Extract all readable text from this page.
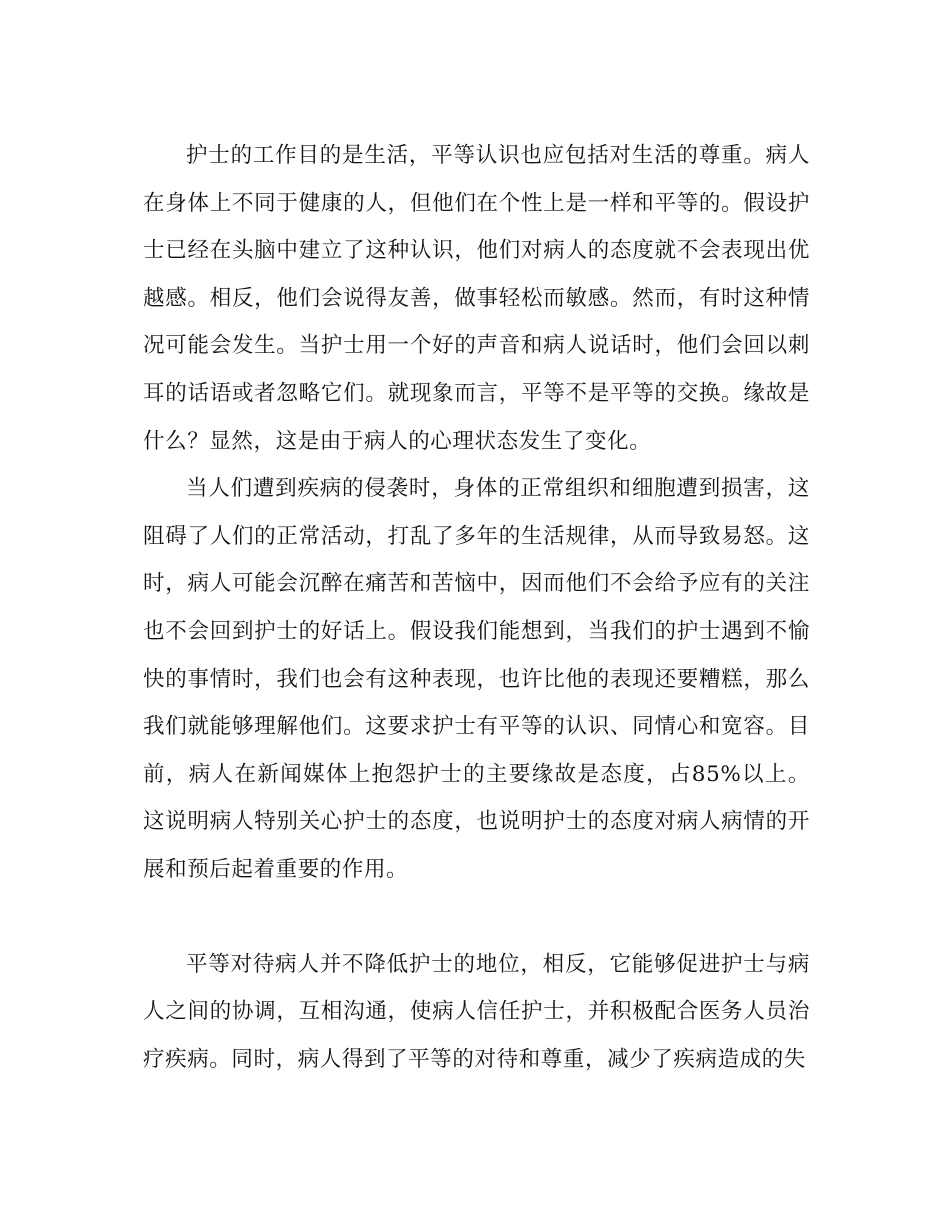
护士的工作目的是生活，平等认识也应包括对生活的尊重。病人在身体上不同于健康的人，但他们在个性上是一样和平等的。假设护士已经在头脑中建立了这种认识，他们对病人的态度就不会表现出优越感。相反，他们会说得友善，做事轻松而敏感。然而，有时这种情况可能会发生。当护士用一个好的声音和病人说话时，他们会回以刺耳的话语或者忽略它们。就现象而言，平等不是平等的交换。缘故是什么？显然，这是由于病人的心理状态发生了变化。

当人们遭到疾病的侵袭时，身体的正常组织和细胞遭到损害，这阻碍了人们的正常活动，打乱了多年的生活规律，从而导致易怒。这时，病人可能会沉醉在痛苦和苦恼中，因而他们不会给予应有的关注也不会回到护士的好话上。假设我们能想到，当我们的护士遇到不愉快的事情时，我们也会有这种表现，也许比他的表现还要糟糕，那么我们就能够理解他们。这要求护士有平等的认识、同情心和宽容。目前，病人在新闻媒体上抱怨护士的主要缘故是态度，占85%以上。这说明病人特别关心护士的态度，也说明护士的态度对病人病情的开展和预后起着重要的作用。

平等对待病人并不降低护士的地位，相反，它能够促进护士与病人之间的协调，互相沟通，使病人信任护士，并积极配合医务人员治疗疾病。同时，病人得到了平等的对待和尊重，减少了疾病造成的失
